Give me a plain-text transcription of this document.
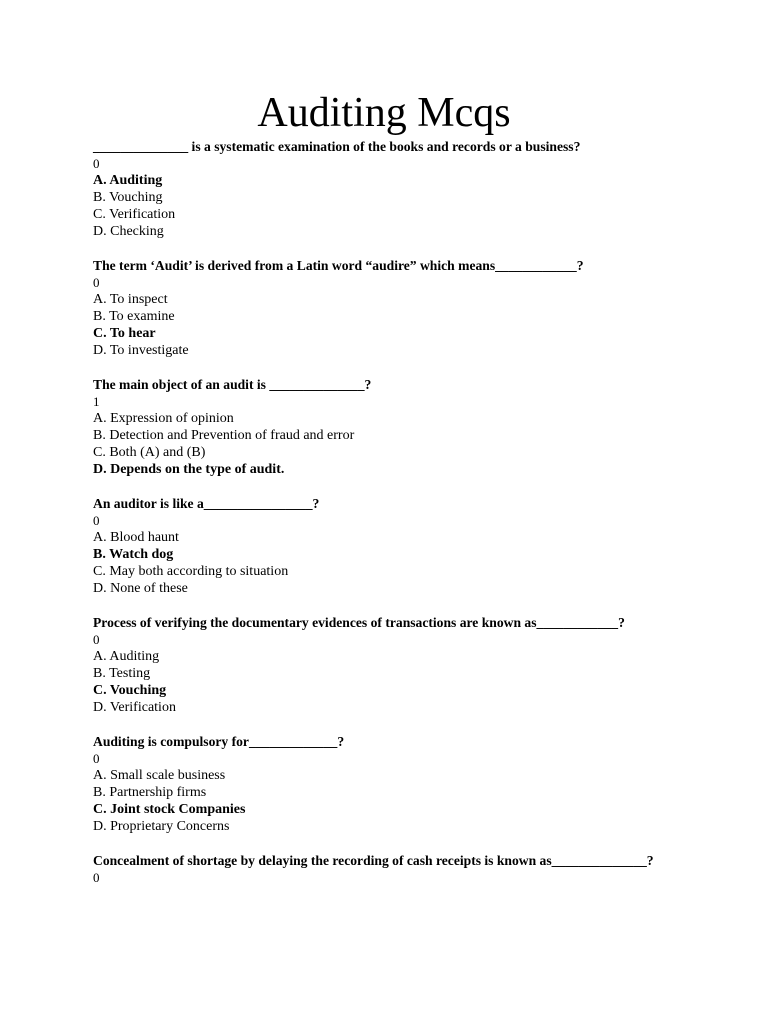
Auditing Mcqs

______________ is a systematic examination of the books and records or a business?

0

A. Auditing

B. Vouching

C. Verification

D. Checking

The term ‘Audit’ is derived from a Latin word “audire” which means____________?

0

A. To inspect

B. To examine

C. To hear

D. To investigate

The main object of an audit is ______________?

1

A. Expression of opinion

B. Detection and Prevention of fraud and error

C. Both (A) and (B)

D. Depends on the type of audit.

An auditor is like a________________?

0

A. Blood haunt

B. Watch dog

C. May both according to situation

D. None of these

Process of verifying the documentary evidences of transactions are known as____________?

0

A. Auditing

B. Testing

C. Vouching

D. Verification

Auditing is compulsory for_____________?

0

A. Small scale business

B. Partnership firms

C. Joint stock Companies

D. Proprietary Concerns

Concealment of shortage by delaying the recording of cash receipts is known as______________?

0
